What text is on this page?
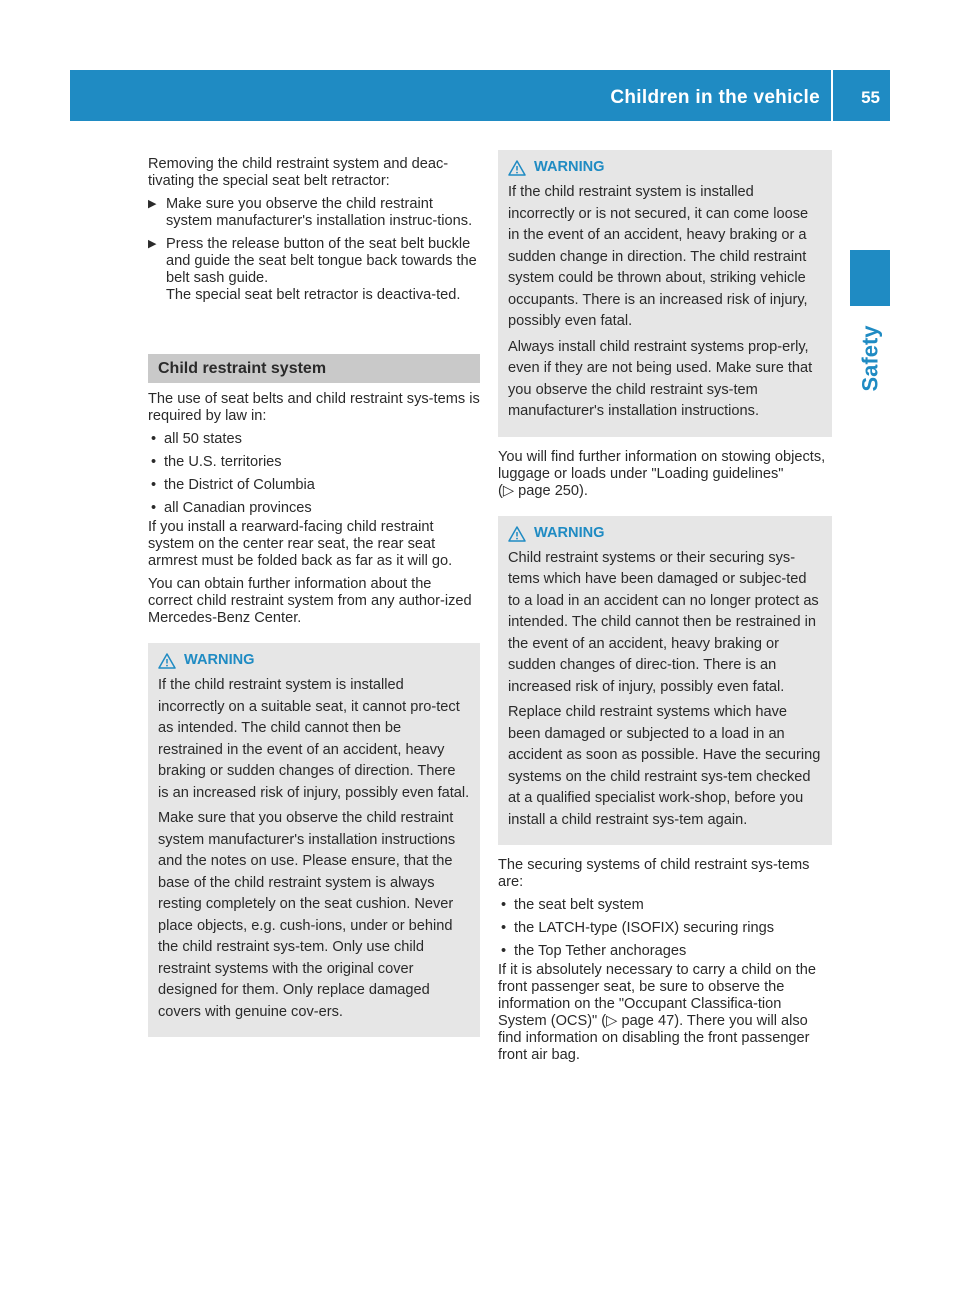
Children in the vehicle 55
Safety

Removing the child restraint system and deac-tivating the special seat belt retractor:

▶ Make sure you observe the child restraint system manufacturer's installation instruc-tions.
▶ Press the release button of the seat belt buckle and guide the seat belt tongue back towards the belt sash guide.
The special seat belt retractor is deactiva-ted.
Child restraint system

The use of seat belts and child restraint sys-tems is required by law in:

• all 50 states
• the U.S. territories
• the District of Columbia
• all Canadian provinces

If you install a rearward-facing child restraint system on the center rear seat, the rear seat armrest must be folded back as far as it will go.

You can obtain further information about the correct child restraint system from any author-ized Mercedes-Benz Center.

WARNING

If the child restraint system is installed incorrectly on a suitable seat, it cannot pro-tect as intended. The child cannot then be restrained in the event of an accident, heavy braking or sudden changes of direction. There is an increased risk of injury, possibly even fatal.

Make sure that you observe the child restraint system manufacturer's installation instructions and the notes on use. Please ensure, that the base of the child restraint system is always resting completely on the seat cushion. Never place objects, e.g. cush-ions, under or behind the child restraint sys-tem. Only use child restraint systems with the original cover designed for them. Only replace damaged covers with genuine cov-ers.

WARNING

If the child restraint system is installed incorrectly or is not secured, it can come loose in the event of an accident, heavy braking or a sudden change in direction. The child restraint system could be thrown about, striking vehicle occupants. There is an increased risk of injury, possibly even fatal.

Always install child restraint systems prop-erly, even if they are not being used. Make sure that you observe the child restraint sys-tem manufacturer's installation instructions.

You will find further information on stowing objects, luggage or loads under "Loading guidelines" (▷ page 250).

WARNING

Child restraint systems or their securing sys-tems which have been damaged or subjec-ted to a load in an accident can no longer protect as intended. The child cannot then be restrained in the event of an accident, heavy braking or sudden changes of direc-tion. There is an increased risk of injury, possibly even fatal.

Replace child restraint systems which have been damaged or subjected to a load in an accident as soon as possible. Have the securing systems on the child restraint sys-tem checked at a qualified specialist work-shop, before you install a child restraint sys-tem again.

The securing systems of child restraint sys-tems are:

• the seat belt system
• the LATCH-type (ISOFIX) securing rings
• the Top Tether anchorages

If it is absolutely necessary to carry a child on the front passenger seat, be sure to observe the information on the "Occupant Classifica-tion System (OCS)" (▷ page 47). There you will also find information on disabling the front passenger front air bag.
